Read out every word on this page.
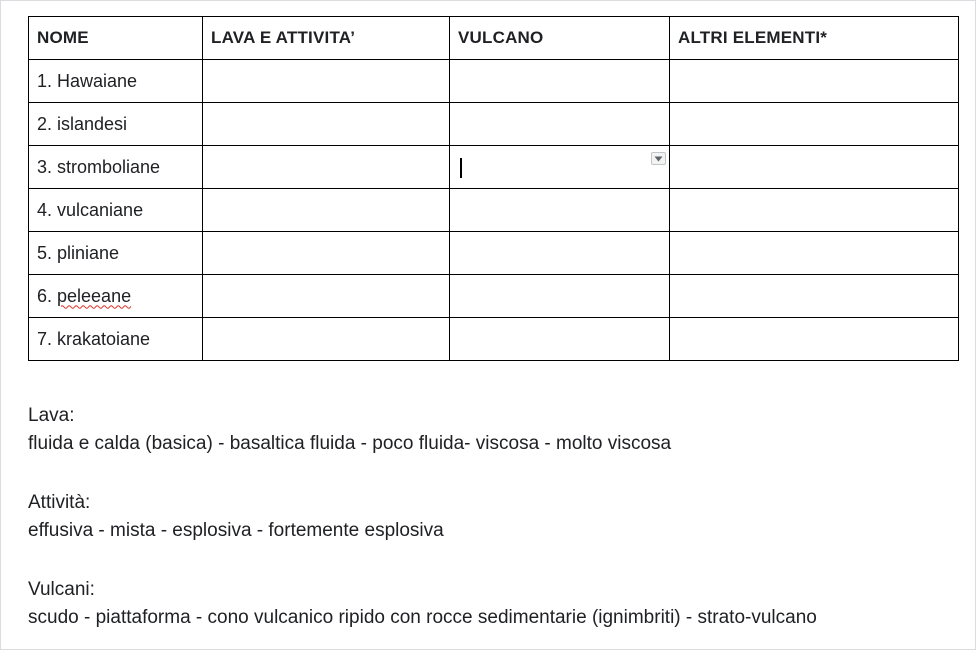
NOME	LAVA E ATTIVITA’	VULCANO	ALTRI ELEMENTI*
1. Hawaiane			
2. islandesi			
3. stromboliane		

4. vulcaniane			
5. pliniane			
6. peleeane			
7. krakatoiane			
Lava:
fluida e calda (basica) - basaltica fluida - poco fluida- viscosa - molto viscosa
Attività:
effusiva - mista - esplosiva - fortemente esplosiva
Vulcani:
scudo - piattaforma - cono vulcanico ripido con rocce sedimentarie (ignimbriti) - strato-vulcano
